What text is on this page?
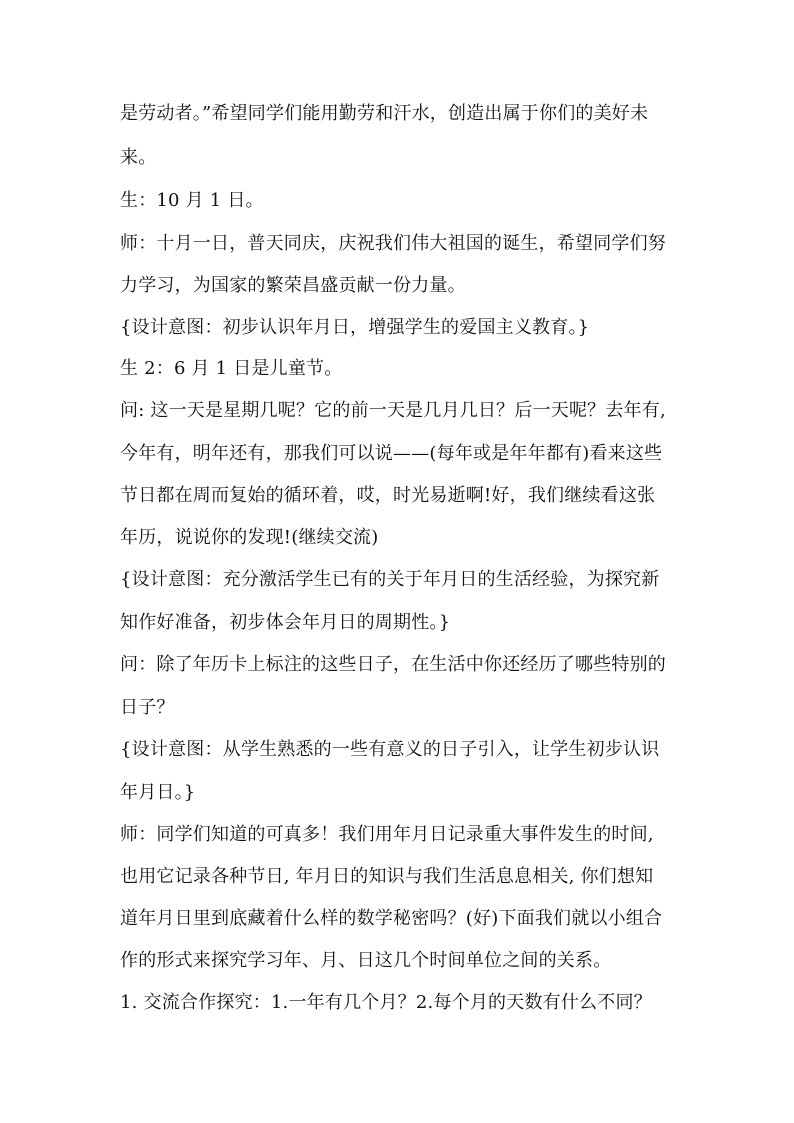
是劳动者。”希望同学们能用勤劳和汗水，创造出属于你们的美好未
来。
生：10 月 1 日。
师：十月一日，普天同庆，庆祝我们伟大祖国的诞生，希望同学们努
力学习，为国家的繁荣昌盛贡献一份力量。
{设计意图：初步认识年月日，增强学生的爱国主义教育。}
生 2：6 月 1 日是儿童节。
问: 这一天是星期几呢？它的前一天是几月几日？后一天呢？去年有,
今年有，明年还有，那我们可以说——(每年或是年年都有)看来这些
节日都在周而复始的循环着，哎，时光易逝啊!好，我们继续看这张
年历，说说你的发现!(继续交流)
{设计意图：充分激活学生已有的关于年月日的生活经验，为探究新
知作好准备，初步体会年月日的周期性。}
问：除了年历卡上标注的这些日子，在生活中你还经历了哪些特别的
日子？
{设计意图：从学生熟悉的一些有意义的日子引入，让学生初步认识
年月日。}
师：同学们知道的可真多！我们用年月日记录重大事件发生的时间,
也用它记录各种节日, 年月日的知识与我们生活息息相关, 你们想知
道年月日里到底藏着什么样的数学秘密吗？(好)下面我们就以小组合
作的形式来探究学习年、月、日这几个时间单位之间的关系。
1. 交流合作探究：1.一年有几个月？2.每个月的天数有什么不同？
